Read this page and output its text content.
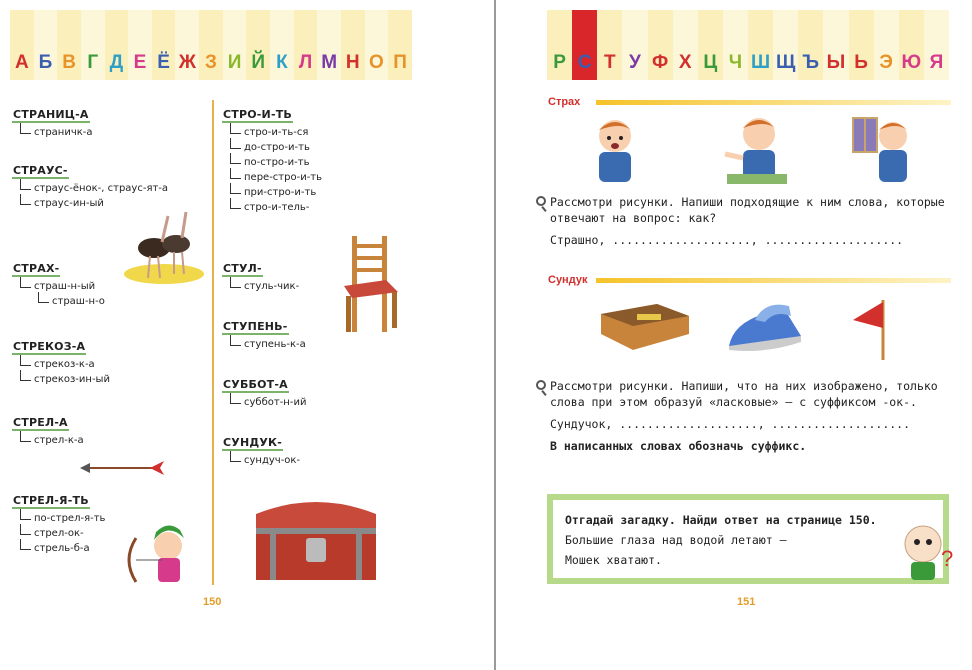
А Б В Г Д Е Ё Ж З И Й К Л М Н О П
СТРАНИЦ-А
страничк-а
СТРАУС-
страус-ёнок-, страус-ят-а
страус-ин-ый
СТРАХ-
страш-н-ый
страш-н-о
СТРЕКОЗ-А
стрекоз-к-а
стрекоз-ин-ый
СТРЕЛ-А
стрел-к-а
СТРЕЛ-Я-ТЬ
по-стрел-я-ть
стрел-ок-
стрель-б-а
СТРО-И-ТЬ
стро-и-ть-ся
до-стро-и-ть
по-стро-и-ть
пере-стро-и-ть
при-стро-и-ть
стро-и-тель-
СТУЛ-
стуль-чик-
СТУПЕНЬ-
ступень-к-а
СУББОТ-А
суббот-н-ий
СУНДУК-
сундуч-ок-
150
Р С Т У Ф Х Ц Ч Ш Щ Ъ Ы Ь Э Ю Я
Страх
Рассмотри рисунки. Напиши подходящие к ним слова, которые отвечают на вопрос: как?
Страшно, ...................., ....................
Сундук
Рассмотри рисунки. Напиши, что на них изображено, только слова при этом образуй «ласковые» — с суффиксом -ок-.
Сундучок, ...................., ....................
В написанных словах обозначь суффикс.
Отгадай загадку. Найди ответ на странице 150.
Большие глаза над водой летают —
Мошек хватают.	?
151
